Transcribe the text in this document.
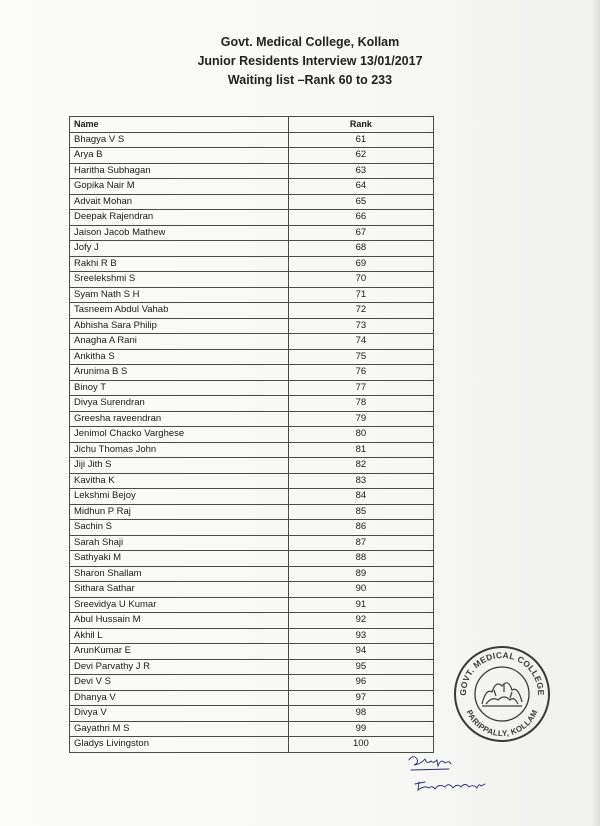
Govt. Medical College, Kollam
Junior Residents Interview 13/01/2017
Waiting list –Rank 60 to 233
Name	Rank
Bhagya V S	61
Arya B	62
Haritha Subhagan	63
Gopika Nair M	64
Advait Mohan	65
Deepak Rajendran	66
Jaison Jacob Mathew	67
Jofy J	68
Rakhi R B	69
Sreelekshmi S	70
Syam Nath S H	71
Tasneem Abdul Vahab	72
Abhisha Sara Philip	73
Anagha A Rani	74
Ankitha S	75
Arunima B S	76
Binoy T	77
Divya Surendran	78
Greesha raveendran	79
Jenimol Chacko Varghese	80
Jichu Thomas John	81
Jiji Jith S	82
Kavitha K	83
Lekshmi Bejoy	84
Midhun P Raj	85
Sachin S	86
Sarah Shaji	87
Sathyaki M	88
Sharon Shallam	89
Sithara Sathar	90
Sreevidya U Kumar	91
Abul Hussain M	92
Akhil L	93
ArunKumar E	94
Devi Parvathy J R	95
Devi V S	96
Dhanya V	97
Divya V	98
Gayathri M S	99
Gladys Livingston	100
GOVT. MEDICAL COLLEGE
PARIPPALLY, KOLLAM
